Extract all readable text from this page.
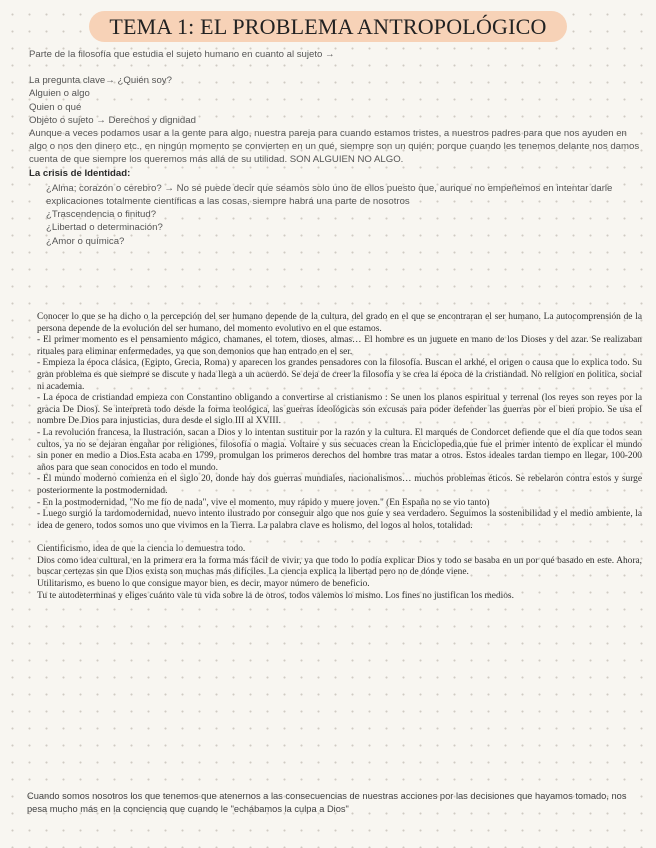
TEMA 1: EL PROBLEMA ANTROPOLÓGICO

Parte de la filosofía que estudia el sujeto humano en cuanto al sujeto →

La pregunta clave→ ¿Quién soy?

Alguien o algo

Quien o qué

Objeto o sujeto → Derechos y dignidad

Aunque a veces podamos usar a la gente para algo, nuestra pareja para cuando estamos tristes, a nuestros padres para que nos ayuden en algo o nos den dinero etc., en ningún momento se convierten en un qué, siempre son un quién; porque cuando les tenemos delante nos damos cuenta de que siempre los queremos más allá de su utilidad. SON ALGUIEN NO ALGO.

La crisis de Identidad:

¿Alma; corazón o cerebro? → No se puede decir que seamos solo uno de ellos puesto que, aunque no empeñemos en intentar darle explicaciones totalmente científicas a las cosas, siempre habrá una parte de nosotros
¿Trascendencia o finitud?
¿Libertad o determinación?
¿Amor o química?

Conocer lo que se ha dicho o la percepción del ser humano depende de la cultura, del grado en el que se encontraran el ser humano. La autocomprensión de la persona depende de la evolución del ser humano, del momento evolutivo en el que estamos.

- El primer momento es el pensamiento mágico, chamanes, el totem, dioses, almas… El hombre es un juguete en mano de los Dioses y del azar. Se realizaban rituales para eliminar enfermedades, ya que son demonios que han entrado en el ser.

- Empieza la época clásica, (Egipto, Grecia, Roma) y aparecen los grandes pensadores con la filosofía. Buscan el arkhé, el origen o causa que lo explica todo. Su gran problema es que siempre se discute y nada llega a un acuerdo. Se deja de creer la filosofía y se crea la época de la cristiandad. No religion en politica, social ni academia.

- La época de cristiandad empieza con Constantino obligando a convertirse al cristianismo : Se unen los planos espiritual y terrenal (los reyes son reyes por la gracia De Dios). Se interpreta todo desde la forma teológica, las guerras ideológicas son excusas para poder defender las guerras por el bien propio. Se usa el nombre De Dios para injusticias, dura desde el siglo III al XVIII.

- La revolución francesa, la Ilustración, sacan a Dios y lo intentan sustituir por la razón y la cultura. El marqués de Condorcet defiende que el día que todos sean cultos, ya no se dejaran engañar por religiones, filosofía o magia. Voltaire y sus secuaces crean la Enciclopedia,que fue el primer intento de explicar el mundo sin poner en medio a Dios.Esta acaba en 1799, promulgan los primeros derechos del hombre tras matar a otros. Estos ideales tardan tiempo en llegar, 100-200 años para que sean conocidos en todo el mundo.

- El mundo moderno comienza en el siglo 20, donde hay dos guerras mundiales, nacionalismos… muchos problemas éticos. Se rebelaron contra estos y surge posteriormente la postmodernidad.

- En la postmodernidad, "No me fío de nada", vive el momento, muy rápido y muere joven." (En España no se vio tanto)

- Luego surgió la tardomodernidad, nuevo intento ilustrado por conseguir algo que nos guíe y sea verdadero. Seguimos la sostenibilidad y el medio ambiente, la idea de genero, todos somos uno que vivimos en la Tierra. La palabra clave es holismo, del logos al holos, totalidad.

Cientificismo, idea de que la ciencia lo demuestra todo.

Dios como idea cultural, en la primera era la forma más fácil de vivir, ya que todo lo podía explicar Dios y todo se basaba en un por qué basado en este. Ahora, buscar certezas sin que Dios exista son muchas más difíciles. La ciencia explica la libertad pero no de dónde viene.

Utilitarismo, es bueno lo que consigue mayor bien, es decir, mayor número de beneficio.

Tu te autodeterminas y eliges cuánto vale tu vida sobre la de otros, todos valemos lo mismo. Los fines no justifican los medios.

Cuando somos nosotros los que tenemos que atenernos a las consecuencias de nuestras acciones por las decisiones que hayamos tomado, nos pesa mucho más en la conciencia que cuando le "echábamos la culpa a Dios"
